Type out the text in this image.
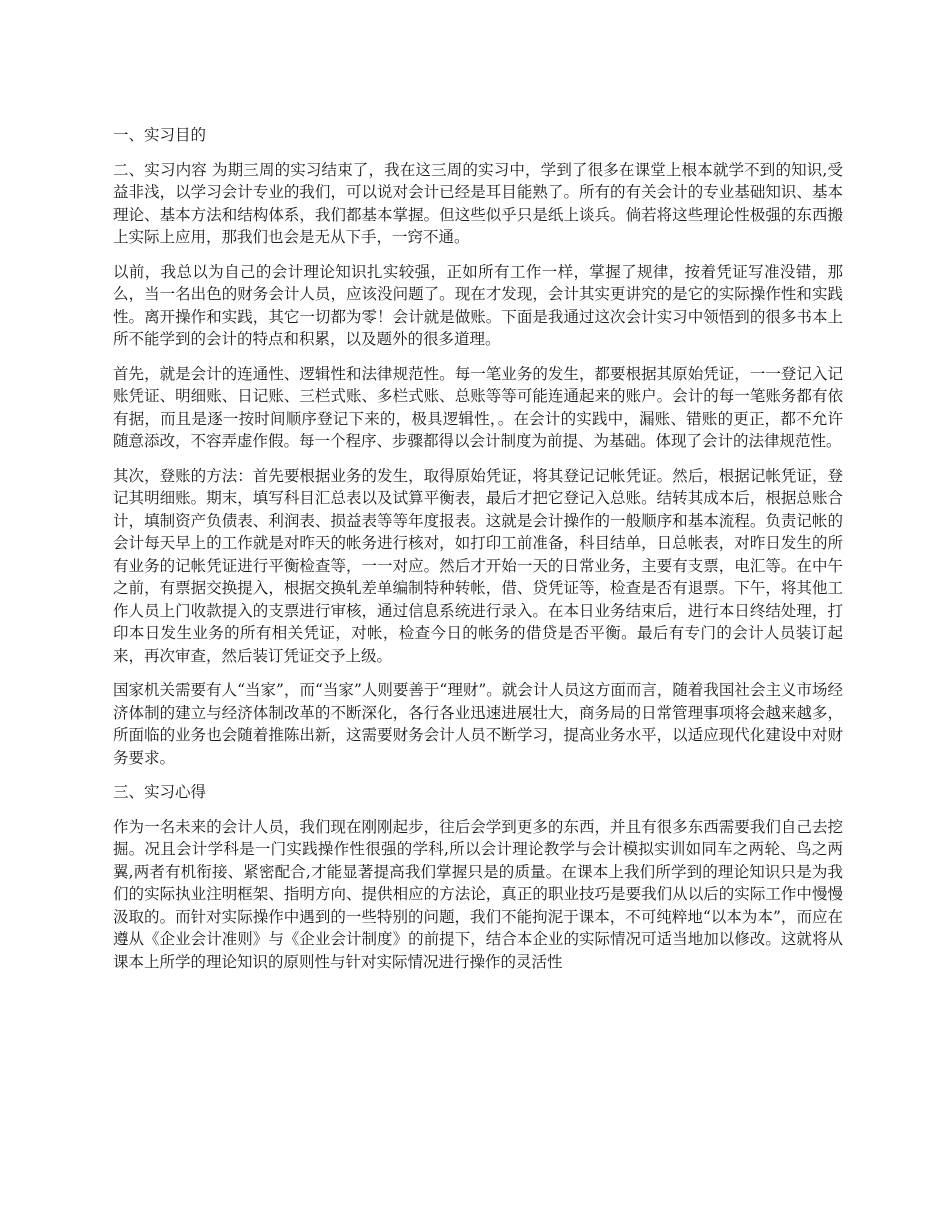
一、实习目的

二、实习内容 为期三周的实习结束了，我在这三周的实习中，学到了很多在课堂上根本就学不到的知识,受益非浅，以学习会计专业的我们，可以说对会计已经是耳目能熟了。所有的有关会计的专业基础知识、基本理论、基本方法和结构体系，我们都基本掌握。但这些似乎只是纸上谈兵。倘若将这些理论性极强的东西搬上实际上应用，那我们也会是无从下手，一窍不通。

以前，我总以为自己的会计理论知识扎实较强，正如所有工作一样，掌握了规律，按着凭证写准没错，那么，当一名出色的财务会计人员，应该没问题了。现在才发现，会计其实更讲究的是它的实际操作性和实践性。离开操作和实践，其它一切都为零！会计就是做账。下面是我通过这次会计实习中领悟到的很多书本上所不能学到的会计的特点和积累，以及题外的很多道理。

首先，就是会计的连通性、逻辑性和法律规范性。每一笔业务的发生，都要根据其原始凭证，一一登记入记账凭证、明细账、日记账、三栏式账、多栏式账、总账等等可能连通起来的账户。会计的每一笔账务都有依有据，而且是逐一按时间顺序登记下来的，极具逻辑性，。在会计的实践中，漏账、错账的更正，都不允许随意添改，不容弄虚作假。每一个程序、步骤都得以会计制度为前提、为基础。体现了会计的法律规范性。

其次，登账的方法：首先要根据业务的发生，取得原始凭证，将其登记记帐凭证。然后，根据记帐凭证，登记其明细账。期末，填写科目汇总表以及试算平衡表，最后才把它登记入总账。结转其成本后，根据总账合计，填制资产负债表、利润表、损益表等等年度报表。这就是会计操作的一般顺序和基本流程。负责记帐的会计每天早上的工作就是对昨天的帐务进行核对，如打印工前准备，科目结单，日总帐表，对昨日发生的所有业务的记帐凭证进行平衡检查等，一一对应。然后才开始一天的日常业务，主要有支票，电汇等。在中午之前，有票据交换提入，根据交换轧差单编制特种转帐，借、贷凭证等，检查是否有退票。下午，将其他工作人员上门收款提入的支票进行审核，通过信息系统进行录入。在本日业务结束后，进行本日终结处理，打印本日发生业务的所有相关凭证，对帐，检查今日的帐务的借贷是否平衡。最后有专门的会计人员装订起来，再次审查，然后装订凭证交予上级。

国家机关需要有人“当家”，而“当家”人则要善于“理财”。就会计人员这方面而言，随着我国社会主义市场经济体制的建立与经济体制改革的不断深化，各行各业迅速进展壮大，商务局的日常管理事项将会越来越多，所面临的业务也会随着推陈出新，这需要财务会计人员不断学习，提高业务水平，以适应现代化建设中对财务要求。

三、实习心得

作为一名未来的会计人员，我们现在刚刚起步，往后会学到更多的东西，并且有很多东西需要我们自己去挖掘。况且会计学科是一门实践操作性很强的学科,所以会计理论教学与会计模拟实训如同车之两轮、鸟之两翼,两者有机衔接、紧密配合,才能显著提高我们掌握只是的质量。在课本上我们所学到的理论知识只是为我们的实际执业注明框架、指明方向、提供相应的方法论，真正的职业技巧是要我们从以后的实际工作中慢慢汲取的。而针对实际操作中遇到的一些特别的问题，我们不能拘泥于课本，不可纯粹地“以本为本”，而应在遵从《企业会计准则》与《企业会计制度》的前提下，结合本企业的实际情况可适当地加以修改。这就将从课本上所学的理论知识的原则性与针对实际情况进行操作的灵活性
